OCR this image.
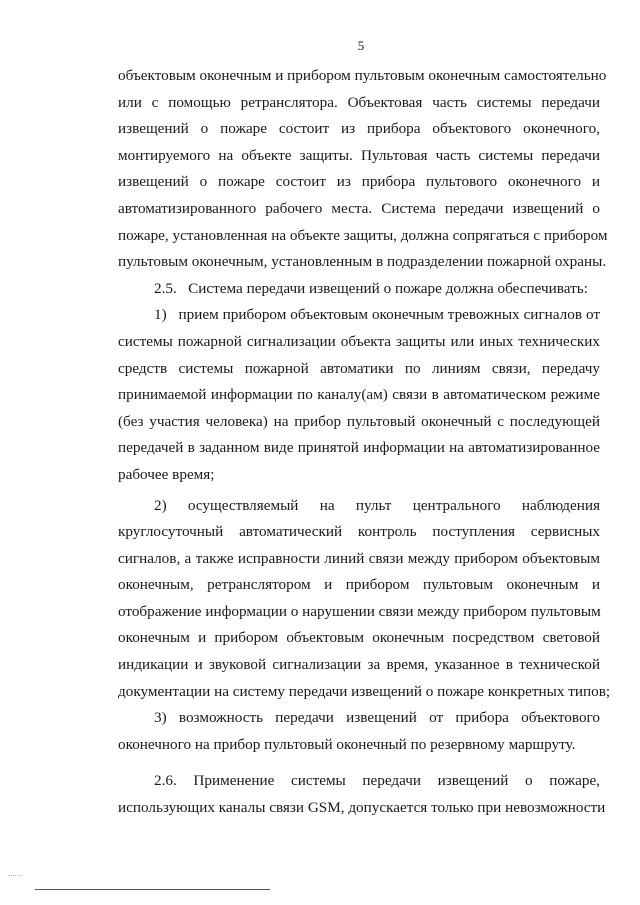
5
объектовым оконечным и прибором пультовым оконечным самостоятельно
или с помощью ретранслятора. Объектовая часть системы передачи
извещений о пожаре состоит из прибора объектового оконечного,
монтируемого на объекте защиты. Пультовая часть системы передачи
извещений о пожаре состоит из прибора пультового оконечного и
автоматизированного рабочего места. Система передачи извещений о
пожаре, установленная на объекте защиты, должна сопрягаться с прибором
пультовым оконечным, установленным в подразделении пожарной охраны.
2.5.   Система передачи извещений о пожаре должна обеспечивать:
1)   прием прибором объектовым оконечным тревожных сигналов от
системы пожарной сигнализации объекта защиты или иных технических
средств системы пожарной автоматики по линиям связи, передачу
принимаемой информации по каналу(ам) связи в автоматическом режиме
(без участия человека) на прибор пультовый оконечный с последующей
передачей в заданном виде принятой информации на автоматизированное
рабочее время;
2) осуществляемый на пульт центрального наблюдения
круглосуточный автоматический контроль поступления сервисных
сигналов, а также исправности линий связи между прибором объектовым
оконечным, ретранслятором и прибором пультовым оконечным и
отображение информации о нарушении связи между прибором пультовым
оконечным и прибором объектовым оконечным посредством световой
индикации и звуковой сигнализации за время, указанное в технической
документации на систему передачи извещений о пожаре конкретных типов;
3) возможность передачи извещений от прибора объектового
оконечного на прибор пультовый оконечный по резервному маршруту.
2.6. Применение системы передачи извещений о пожаре,
использующих каналы связи GSM, допускается только при невозможности
